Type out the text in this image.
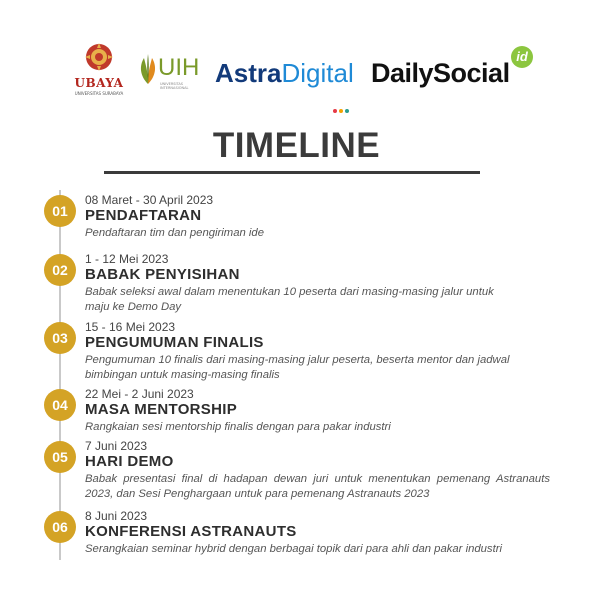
UBAYA
UNIVERSITAS SURABAYA
UIH
UNIVERSITAS INTERNASIONAL	AstraDigital DailySocial
id
TIMELINE
01
08 Maret - 30 April 2023
PENDAFTARAN
Pendaftaran tim dan pengiriman ide
02
1 - 12 Mei 2023
BABAK PENYISIHAN
Babak seleksi awal dalam menentukan 10 peserta dari masing-masing jalur untuk maju ke Demo Day
03
15 - 16 Mei 2023
PENGUMUMAN FINALIS
Pengumuman 10 finalis dari masing-masing jalur peserta, beserta mentor dan jadwal bimbingan untuk masing-masing finalis
04
22 Mei - 2 Juni 2023
MASA MENTORSHIP
Rangkaian sesi mentorship finalis dengan para pakar industri
05
7 Juni 2023
HARI DEMO
Babak presentasi final di hadapan dewan juri untuk menentukan pemenang Astranauts 2023, dan Sesi Penghargaan untuk para pemenang Astranauts 2023
06
8 Juni 2023
KONFERENSI ASTRANAUTS
Serangkaian seminar hybrid dengan berbagai topik dari para ahli dan pakar industri
